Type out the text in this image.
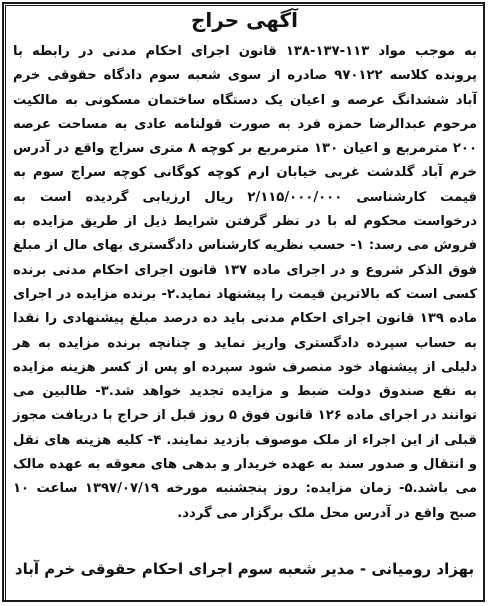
آگهی حراج
به موجب مواد ۱۱۳-۱۳۷-۱۳۸ قانون اجرای احکام مدنی در رابطه با پرونده کلاسه ۹۷۰۱۲۲ صادره از سوی شعبه سوم دادگاه حقوقی خرم آباد ششدانگ عرصه و اعیان یک دستگاه ساختمان مسکونی به مالکیت مرحوم عبدالرضا حمزه فرد به صورت قولنامه عادی به مساحت عرصه ۲۰۰ مترمربع و اعیان ۱۳۰ مترمربع بر کوچه ۸ متری سراج واقع در آدرس خرم آباد گلدشت غربی خیابان ارم کوچه کوگانی کوچه سراج سوم به قیمت کارشناسی ۲/۱۱۵/۰۰۰/۰۰۰ ریال ارزیابی گردیده است به درخواست محکوم له با در نظر گرفتن شرایط ذیل از طریق مزایده به فروش می رسد: ۱- حسب نظریه کارشناس دادگستری بهای مال از مبلغ فوق الذکر شروع و در اجرای ماده ۱۳۷ قانون اجرای احکام مدنی برنده کسی است که بالاترین قیمت را پیشنهاد نماید.۲- برنده مزایده در اجرای ماده ۱۳۹ قانون اجرای احکام مدنی باید ده درصد مبلغ پیشنهادی را نقدا به حساب سپرده دادگستری واریز نماید و چنانچه برنده مزایده به هر دلیلی از پیشنهاد خود منصرف شود سپرده او پس از کسر هزینه مزایده به نفع صندوق دولت ضبط و مزایده تجدید خواهد شد.۳- طالبین می توانند در اجرای ماده ۱۲۶ قانون فوق ۵ روز قبل از حراج با دریافت مجوز قبلی از این اجراء از ملک موصوف بازدید نمایند. ۴- کلیه هزینه های نقل و انتقال و صدور سند به عهده خریدار و بدهی های معوقه به عهده مالک می باشد.۵- زمان مزایده: روز پنجشنبه مورخه ۱۳۹۷/۰۷/۱۹ ساعت ۱۰ صبح واقع در آدرس محل ملک برگزار می گردد.
بهزاد رومیانی - مدیر شعبه سوم اجرای احکام حقوقی خرم آباد
